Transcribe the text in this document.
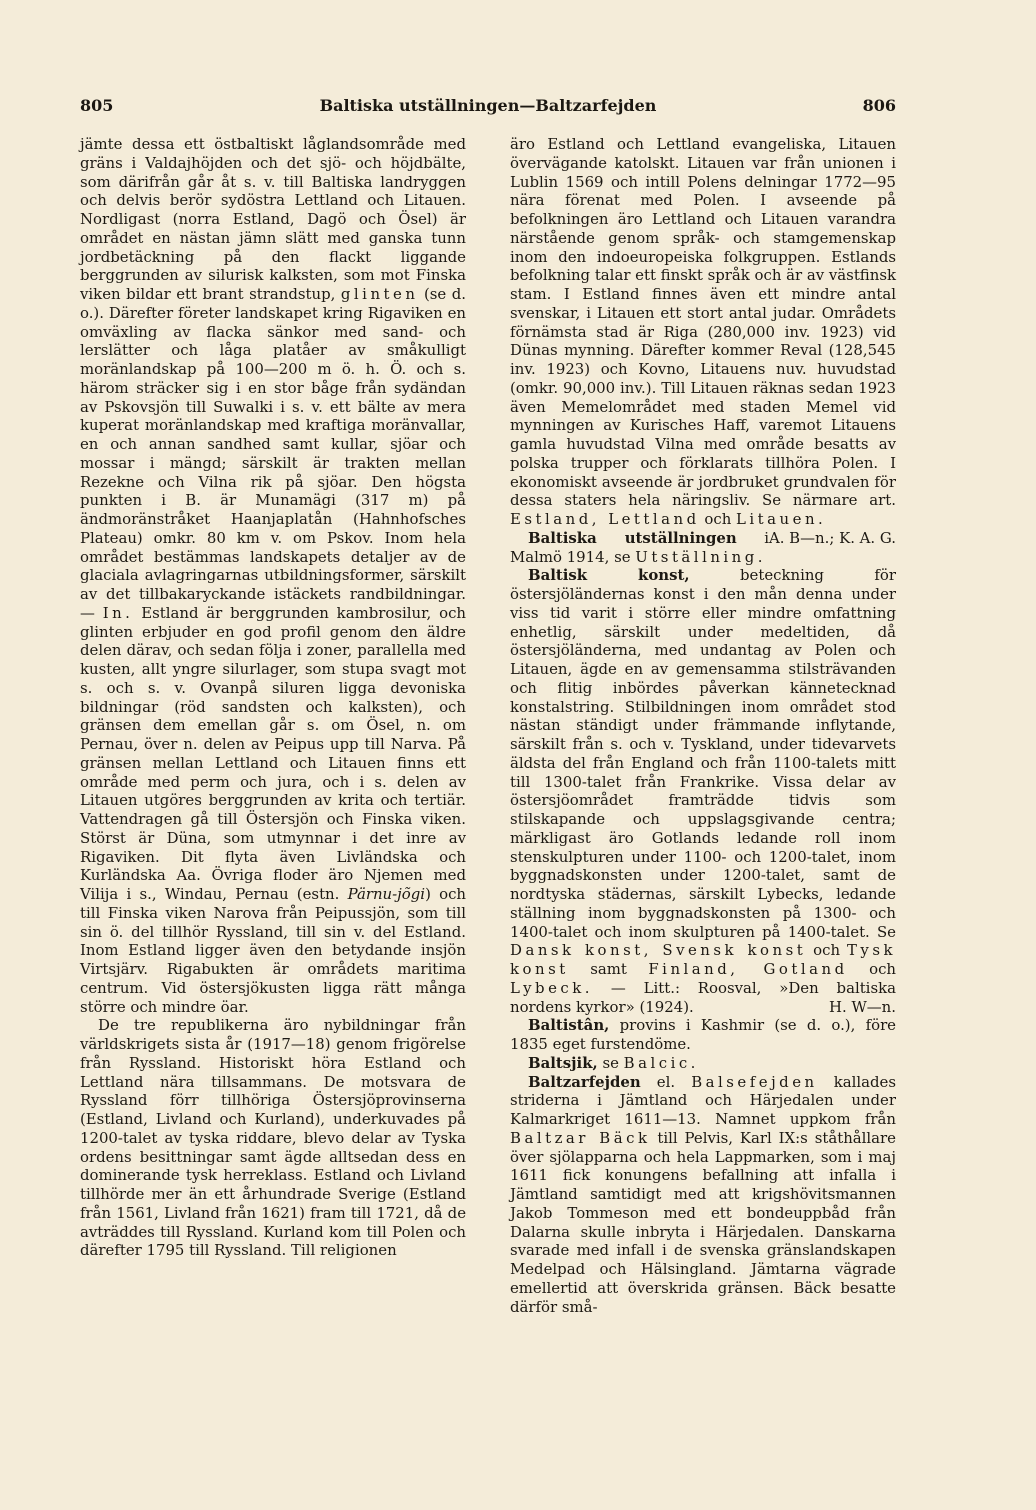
805	Baltiska utställningen—Baltzarfejden	806

jämte dessa ett östbaltiskt låglandsområde med gräns i Valdajhöjden och det sjö- och höjdbälte, som därifrån går åt s. v. till Baltiska landryggen och delvis berör sydöstra Lettland och Litauen. Nordligast (norra Estland, Dagö och Ösel) är området en nästan jämn slätt med ganska tunn jordbetäckning på den flackt liggande berggrunden av silurisk kalksten, som mot Finska viken bildar ett brant strandstup, glinten (se d. o.). Därefter företer landskapet kring Rigaviken en omväxling av flacka sänkor med sand- och lerslätter och låga platåer av småkulligt moränlandskap på 100—200 m ö. h. Ö. och s. härom sträcker sig i en stor båge från sydändan av Pskovsjön till Suwalki i s. v. ett bälte av mera kuperat moränlandskap med kraftiga moränvallar, en och annan sandhed samt kullar, sjöar och mossar i mängd; särskilt är trakten mellan Rezekne och Vilna rik på sjöar. Den högsta punkten i B. är Munamägi (317 m) på ändmoränstråket Haanjaplatån (Hahnhofsches Plateau) omkr. 80 km v. om Pskov. Inom hela området bestämmas landskapets detaljer av de glaciala avlagringarnas utbildningsformer, särskilt av det tillbakaryckande istäckets randbildningar. — In. Estland är berggrunden kambrosilur, och glinten erbjuder en god profil genom den äldre delen därav, och sedan följa i zoner, parallella med kusten, allt yngre silurlager, som stupa svagt mot s. och s. v. Ovanpå siluren ligga devoniska bildningar (röd sandsten och kalksten), och gränsen dem emellan går s. om Ösel, n. om Pernau, över n. delen av Peipus upp till Narva. På gränsen mellan Lettland och Litauen finns ett område med perm och jura, och i s. delen av Litauen utgöres berggrunden av krita och tertiär. Vattendragen gå till Östersjön och Finska viken. Störst är Düna, som utmynnar i det inre av Rigaviken. Dit flyta även Livländska och Kurländska Aa. Övriga floder äro Njemen med Vilija i s., Windau, Pernau (estn. Pärnu-jõgi) och till Finska viken Narova från Peipussjön, som till sin ö. del tillhör Ryssland, till sin v. del Estland. Inom Estland ligger även den betydande insjön Virtsjärv. Rigabukten är områdets maritima centrum. Vid östersjökusten ligga rätt många större och mindre öar.

De tre republikerna äro nybildningar från världskrigets sista år (1917—18) genom frigörelse från Ryssland. Historiskt höra Estland och Lettland nära tillsammans. De motsvara de Ryssland förr tillhöriga Östersjöprovinserna (Estland, Livland och Kurland), underkuvades på 1200-talet av tyska riddare, blevo delar av Tyska ordens besittningar samt ägde alltsedan dess en dominerande tysk herreklass. Estland och Livland tillhörde mer än ett århundrade Sverige (Estland från 1561, Livland från 1621) fram till 1721, då de avträddes till Ryssland. Kurland kom till Polen och därefter 1795 till Ryssland. Till religionen

äro Estland och Lettland evangeliska, Litauen övervägande katolskt. Litauen var från unionen i Lublin 1569 och intill Polens delningar 1772—95 nära förenat med Polen. I avseende på befolkningen äro Lettland och Litauen varandra närstående genom språk- och stamgemenskap inom den indoeuropeiska folkgruppen. Estlands befolkning talar ett finskt språk och är av västfinsk stam. I Estland finnes även ett mindre antal svenskar, i Litauen ett stort antal judar. Områdets förnämsta stad är Riga (280,000 inv. 1923) vid Dünas mynning. Därefter kommer Reval (128,545 inv. 1923) och Kovno, Litauens nuv. huvudstad (omkr. 90,000 inv.). Till Litauen räknas sedan 1923 även Memelområdet med staden Memel vid mynningen av Kurisches Haff, varemot Litauens gamla huvudstad Vilna med område besatts av polska trupper och förklarats tillhöra Polen. I ekonomiskt avseende är jordbruket grundvalen för dessa staters hela näringsliv. Se närmare art. Estland, Lettland och Litauen.
A. B—n.; K. A. G.

Baltiska utställningen i Malmö 1914, se Utställning.

Baltisk konst,	beteckning för östersjöländernas konst i den mån denna under viss tid varit i större eller mindre omfattning enhetlig, särskilt under medeltiden, då östersjöländerna, med undantag av Polen och Litauen, ägde en av gemensamma stilsträvanden och flitig inbördes påverkan kännetecknad konstalstring. Stilbildningen inom området stod nästan ständigt under främmande inflytande, särskilt från s. och v. Tyskland, under tidevarvets äldsta del från England och från 1100-talets mitt till 1300-talet från Frankrike. Vissa delar av östersjöområdet framträdde tidvis som stilskapande och uppslagsgivande centra; märkligast äro Gotlands ledande roll inom stenskulpturen under 1100- och 1200-talet, inom byggnadskonsten under 1200-talet, samt de nordtyska städernas, särskilt Lybecks, ledande ställning inom byggnadskonsten på 1300- och 1400-talet och inom skulpturen på 1400-talet. Se Dansk konst, Svensk konst och Tysk konst samt Finland, Gotland och Lybeck. — Litt.: Roosval, »Den baltiska nordens kyrkor» (1924).	H. W—n.

Baltistân, provins i Kashmir (se d. o.), före 1835 eget furstendöme.

Baltsjik, se Balcic.

Baltzarfejden el. Balsefejden kallades striderna i Jämtland och Härjedalen under Kalmarkriget 1611—13. Namnet uppkom från Baltzar Bäck till Pelvis, Karl IX:s ståthållare över sjölapparna och hela Lappmarken, som i maj 1611 fick konungens befallning att infalla i Jämtland samtidigt med att krigshövitsmannen Jakob Tommeson med ett bondeuppbåd från Dalarna skulle inbryta i Härjedalen. Danskarna svarade med infall i de svenska gränslandskapen Medelpad och Hälsingland. Jämtarna vägrade emellertid att överskrida gränsen. Bäck besatte därför små-
